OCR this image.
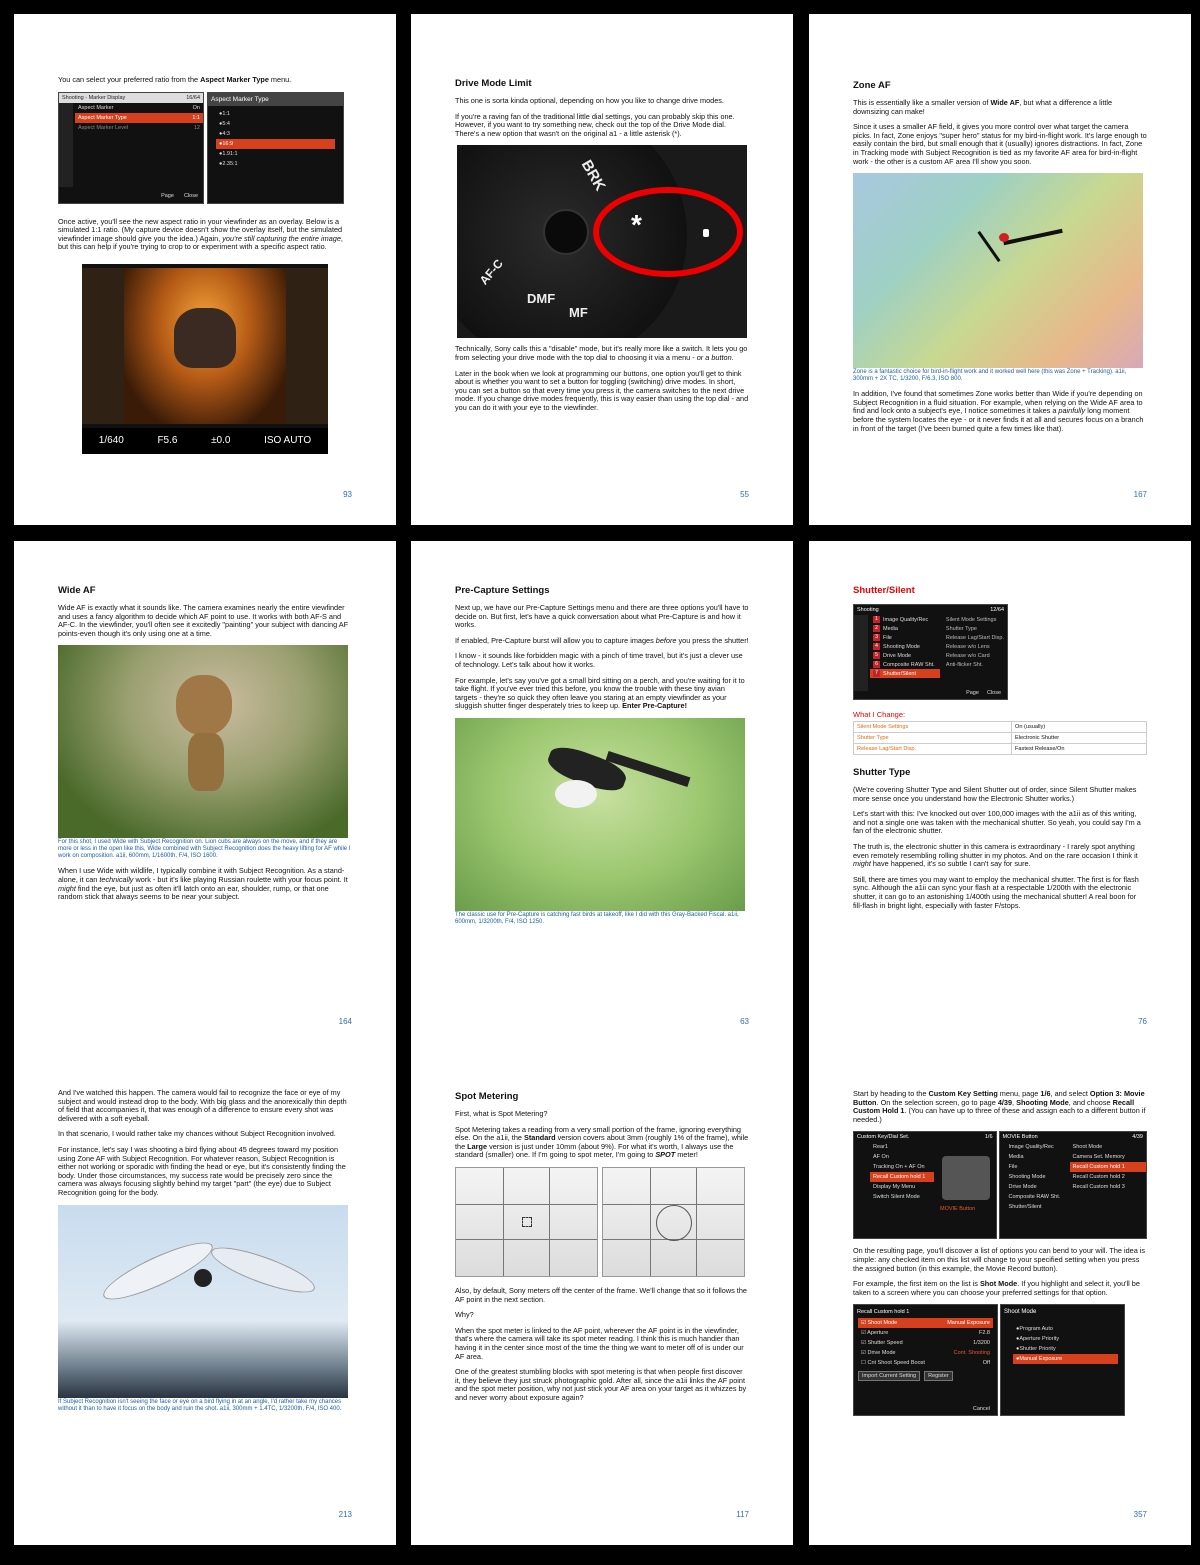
You can select your preferred ratio from the Aspect Marker Type menu.

Shooting - Marker Display	16/64
Aspect Marker	On
Aspect Marker Type	1:1
Aspect Marker Level	12
Page Close
Aspect Marker Type
● 1:1
● 5:4
● 4:3
● 16:9
● 1.91:1
● 2.35:1

Once active, you'll see the new aspect ratio in your viewfinder as an overlay. Below is a simulated 1:1 ratio. (My capture device doesn't show the overlay itself, but the simulated viewfinder image should give you the idea.) Again, you're still capturing the entire image, but this can help if you're trying to crop to or experiment with a specific aspect ratio.

1/640	F5.6	±0.0	ISO AUTO
93
Drive Mode Limit

This one is sorta kinda optional, depending on how you like to change drive modes.

If you're a raving fan of the traditional little dial settings, you can probably skip this one. However, if you want to try something new, check out the top of the Drive Mode dial. There's a new option that wasn't on the original a1 - a little asterisk (*).

BRK
DMF
MF
AF-C
*

Technically, Sony calls this a "disable" mode, but it's really more like a switch. It lets you go from selecting your drive mode with the top dial to choosing it via a menu - or a button.

Later in the book when we look at programming our buttons, one option you'll get to think about is whether you want to set a button for toggling (switching) drive modes. In short, you can set a button so that every time you press it, the camera switches to the next drive mode. If you change drive modes frequently, this is way easier than using the top dial - and you can do it with your eye to the viewfinder.

55
Zone AF

This is essentially like a smaller version of Wide AF, but what a difference a little downsizing can make!

Since it uses a smaller AF field, it gives you more control over what target the camera picks. In fact, Zone enjoys "super hero" status for my bird-in-flight work. It's large enough to easily contain the bird, but small enough that it (usually) ignores distractions. In fact, Zone in Tracking mode with Subject Recognition is tied as my favorite AF area for bird-in-flight work - the other is a custom AF area I'll show you soon.

Zone is a fantastic choice for bird-in-flight work and it worked well here (this was Zone + Tracking). a1ii, 300mm + 2X TC, 1/3200, F/6.3, ISO 800.

In addition, I've found that sometimes Zone works better than Wide if you're depending on Subject Recognition in a fluid situation. For example, when relying on the Wide AF area to find and lock onto a subject's eye, I notice sometimes it takes a painfully long moment before the system locates the eye - or it never finds it at all and secures focus on a branch in front of the target (I've been burned quite a few times like that).

167
Wide AF

Wide AF is exactly what it sounds like. The camera examines nearly the entire viewfinder and uses a fancy algorithm to decide which AF point to use. It works with both AF-S and AF-C. In the viewfinder, you'll often see it excitedly "painting" your subject with dancing AF points-even though it's only using one at a time.

For this shot, I used Wide with Subject Recognition on. Lion cubs are always on the move, and if they are more or less in the open like this, Wide combined with Subject Recognition does the heavy lifting for AF while I work on composition. a1ii, 600mm, 1/1600th, F/4, ISO 1600.

When I use Wide with wildlife, I typically combine it with Subject Recognition. As a stand-alone, it can technically work - but it's like playing Russian roulette with your focus point. It might find the eye, but just as often it'll latch onto an ear, shoulder, rump, or that one random stick that always seems to be near your subject.

164
Pre-Capture Settings

Next up, we have our Pre-Capture Settings menu and there are three options you'll have to decide on. But first, let's have a quick conversation about what Pre-Capture is and how it works.

If enabled, Pre-Capture burst will allow you to capture images before you press the shutter!

I know - it sounds like forbidden magic with a pinch of time travel, but it's just a clever use of technology. Let's talk about how it works.

For example, let's say you've got a small bird sitting on a perch, and you're waiting for it to take flight. If you've ever tried this before, you know the trouble with these tiny avian targets - they're so quick they often leave you staring at an empty viewfinder as your sluggish shutter finger desperately tries to keep up. Enter Pre-Capture!

The classic use for Pre-Capture is catching fast birds at takeoff, like I did with this Gray-Backed Fiscal. a1ii, 600mm, 1/3200th, F/4, ISO 1250.

63
Shutter/Silent
Shooting	12/64
1 Image Quality/Rec
2 Media
3 File
4 Shooting Mode
5 Drive Mode
6 Composite RAW Sht.
7 Shutter/Silent
Silent Mode Settings
Shutter Type
Release Lag/Start Disp.
Release w/o Lens
Release w/o Card
Anti-flicker Sht.
Page Close
What I Change:
Silent Mode Settings	On (usually)
Shutter Type	Electronic Shutter
Release Lag/Start Disp.	Fastest Release/On
Shutter Type

(We're covering Shutter Type and Silent Shutter out of order, since Silent Shutter makes more sense once you understand how the Electronic Shutter works.)

Let's start with this: I've knocked out over 100,000 images with the a1ii as of this writing, and not a single one was taken with the mechanical shutter. So yeah, you could say I'm a fan of the electronic shutter.

The truth is, the electronic shutter in this camera is extraordinary - I rarely spot anything even remotely resembling rolling shutter in my photos. And on the rare occasion I think it might have happened, it's so subtle I can't say for sure.

Still, there are times you may want to employ the mechanical shutter. The first is for flash sync. Although the a1ii can sync your flash at a respectable 1/200th with the electronic shutter, it can go to an astonishing 1/400th using the mechanical shutter! A real boon for fill-flash in bright light, especially with faster F/stops.

76

And I've watched this happen. The camera would fail to recognize the face or eye of my subject and would instead drop to the body. With big glass and the anorexically thin depth of field that accompanies it, that was enough of a difference to ensure every shot was delivered with a soft eyeball.

In that scenario, I would rather take my chances without Subject Recognition involved.

For instance, let's say I was shooting a bird flying about 45 degrees toward my position using Zone AF with Subject Recognition. For whatever reason, Subject Recognition is either not working or sporadic with finding the head or eye, but it's consistently finding the body. Under those circumstances, my success rate would be precisely zero since the camera was always focusing slightly behind my target "part" (the eye) due to Subject Recognition going for the body.

If Subject Recognition isn't seeing the face or eye on a bird flying in at an angle, I'd rather take my chances without it than to have it focus on the body and ruin the shot. a1ii, 300mm + 1.4TC, 1/3200th, F/4, ISO 400.

213
Spot Metering

First, what is Spot Metering?

Spot Metering takes a reading from a very small portion of the frame, ignoring everything else. On the a1ii, the Standard version covers about 3mm (roughly 1% of the frame), while the Large version is just under 10mm (about 9%). For what it's worth, I always use the standard (smaller) one. If I'm going to spot meter, I'm going to SPOT meter!

Also, by default, Sony meters off the center of the frame. We'll change that so it follows the AF point in the next section.

Why?

When the spot meter is linked to the AF point, wherever the AF point is in the viewfinder, that's where the camera will take its spot meter reading. I think this is much handier than having it in the center since most of the time the thing we want to meter off of is under our AF area.

One of the greatest stumbling blocks with spot metering is that when people first discover it, they believe they just struck photographic gold. After all, since the a1ii links the AF point and the spot meter position, why not just stick your AF area on your target as it whizzes by and never worry about exposure again?

117

Start by heading to the Custom Key Setting menu, page 1/6, and select Option 3: Movie Button. On the selection screen, go to page 4/39, Shooting Mode, and choose Recall Custom Hold 1. (You can have up to three of these and assign each to a different button if needed.)

Custom Key/Dial Set.	1/6
Rear1
AF On
Tracking On + AF On
Recall Custom hold 1
Display My Menu
Switch Silent Mode
MOVIE Button
MOVIE Button	4/39
Image Quality/Rec
Media
File
Shooting Mode
Drive Mode
Composite RAW Sht.
Shutter/Silent
Shoot Mode
Camera Set. Memory
Recall Custom hold 1
Recall Custom hold 2
Recall Custom hold 3

On the resulting page, you'll discover a list of options you can bend to your will. The idea is simple: any checked item on this list will change to your specified setting when you press the assigned button (in this example, the Movie Record button).

For example, the first item on the list is Shot Mode. If you highlight and select it, you'll be taken to a screen where you can choose your preferred settings for that option.

Recall Custom hold 1
☑ Shoot Mode	Manual Exposure
☑ Aperture	F2.8
☑ Shutter Speed	1/3200
☑ Drive Mode	Cont. Shooting
☐ Cnt Shoot Speed Boost	Off
Import Current Setting	Register
Cancel
Shoot Mode
● Program Auto
● Aperture Priority
● Shutter Priority
● Manual Exposure
357
